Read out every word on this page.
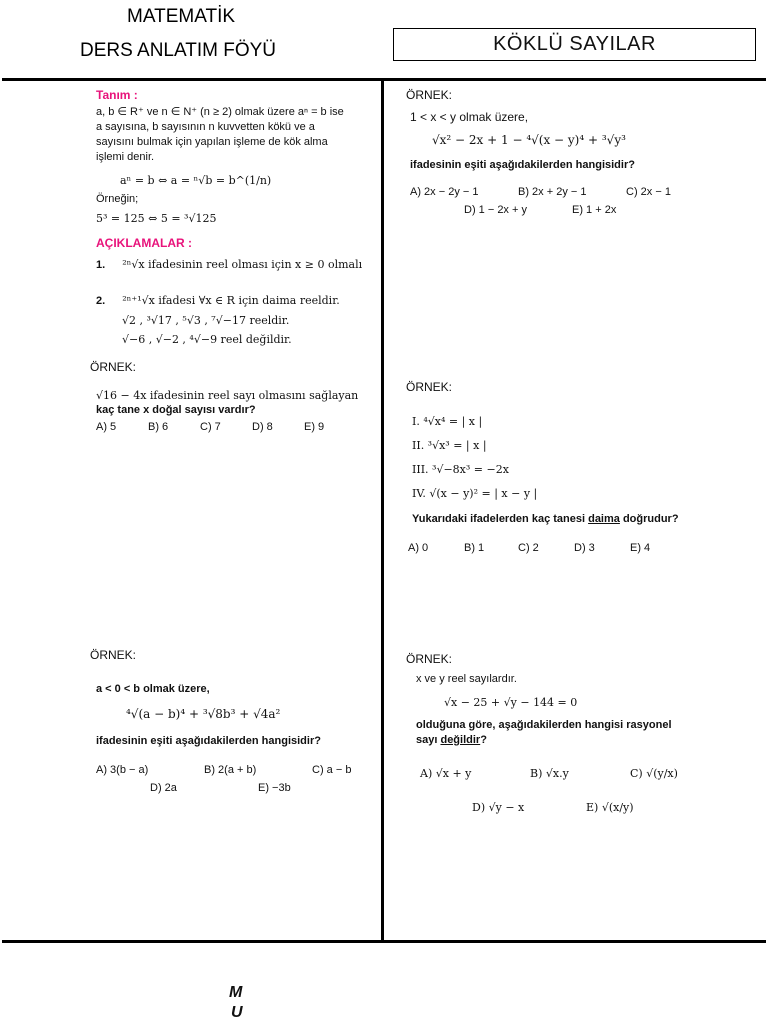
MATEMATİK
DERS ANLATIM FÖYÜ	KÖKLÜ SAYILAR
Tanım :
a, b ∈ R⁺ ve n ∈ N⁺ (n ≥ 2) olmak üzere aⁿ = b ise
a sayısına, b sayısının n kuvvetten kökü ve a
sayısını bulmak için yapılan işleme de kök alma
işlemi denir.
aⁿ = b ⇔ a = ⁿ√b = b^(1/n)
Örneğin;
5³ = 125 ⇔ 5 = ³√125
AÇIKLAMALAR :
1. ²ⁿ√x ifadesinin reel olması için x ≥ 0 olmalı
2. ²ⁿ⁺¹√x ifadesi ∀x ∈ R için daima reeldir.
√2 , ³√17 , ⁵√3 , ⁷√−17 reeldir.
√−6 , √−2 , ⁴√−9 reel değildir.
ÖRNEK:
√16 − 4x ifadesinin reel sayı olmasını sağlayan
kaç tane x doğal sayısı vardır?
A) 5	B) 6	C) 7	D) 8	E) 9
ÖRNEK:
a < 0 < b olmak üzere,
⁴√(a − b)⁴ + ³√8b³ + √4a²
ifadesinin eşiti aşağıdakilerden hangisidir?
A) 3(b − a)	B) 2(a + b)	C) a − b
D) 2a	E) −3b
ÖRNEK:
1 < x < y olmak üzere,
√x² − 2x + 1 − ⁴√(x − y)⁴ + ³√y³
ifadesinin eşiti aşağıdakilerden hangisidir?
A) 2x − 2y − 1	B) 2x + 2y − 1	C) 2x − 1
D) 1 − 2x + y	E) 1 + 2x
ÖRNEK:
I. ⁴√x⁴ = | x |
II. ³√x³ = | x |
III. ³√−8x³ = −2x
IV. √(x − y)² = | x − y |
Yukarıdaki ifadelerden kaç tanesi daima doğrudur?
A) 0	B) 1	C) 2	D) 3	E) 4
ÖRNEK:
x ve y reel sayılardır.
√x − 25 + √y − 144 = 0
olduğuna göre, aşağıdakilerden hangisi rasyonel
sayı değildir?
A) √x + y	B) √x.y	C) √(y/x)
D) √y − x	E) √(x/y)
M
U
